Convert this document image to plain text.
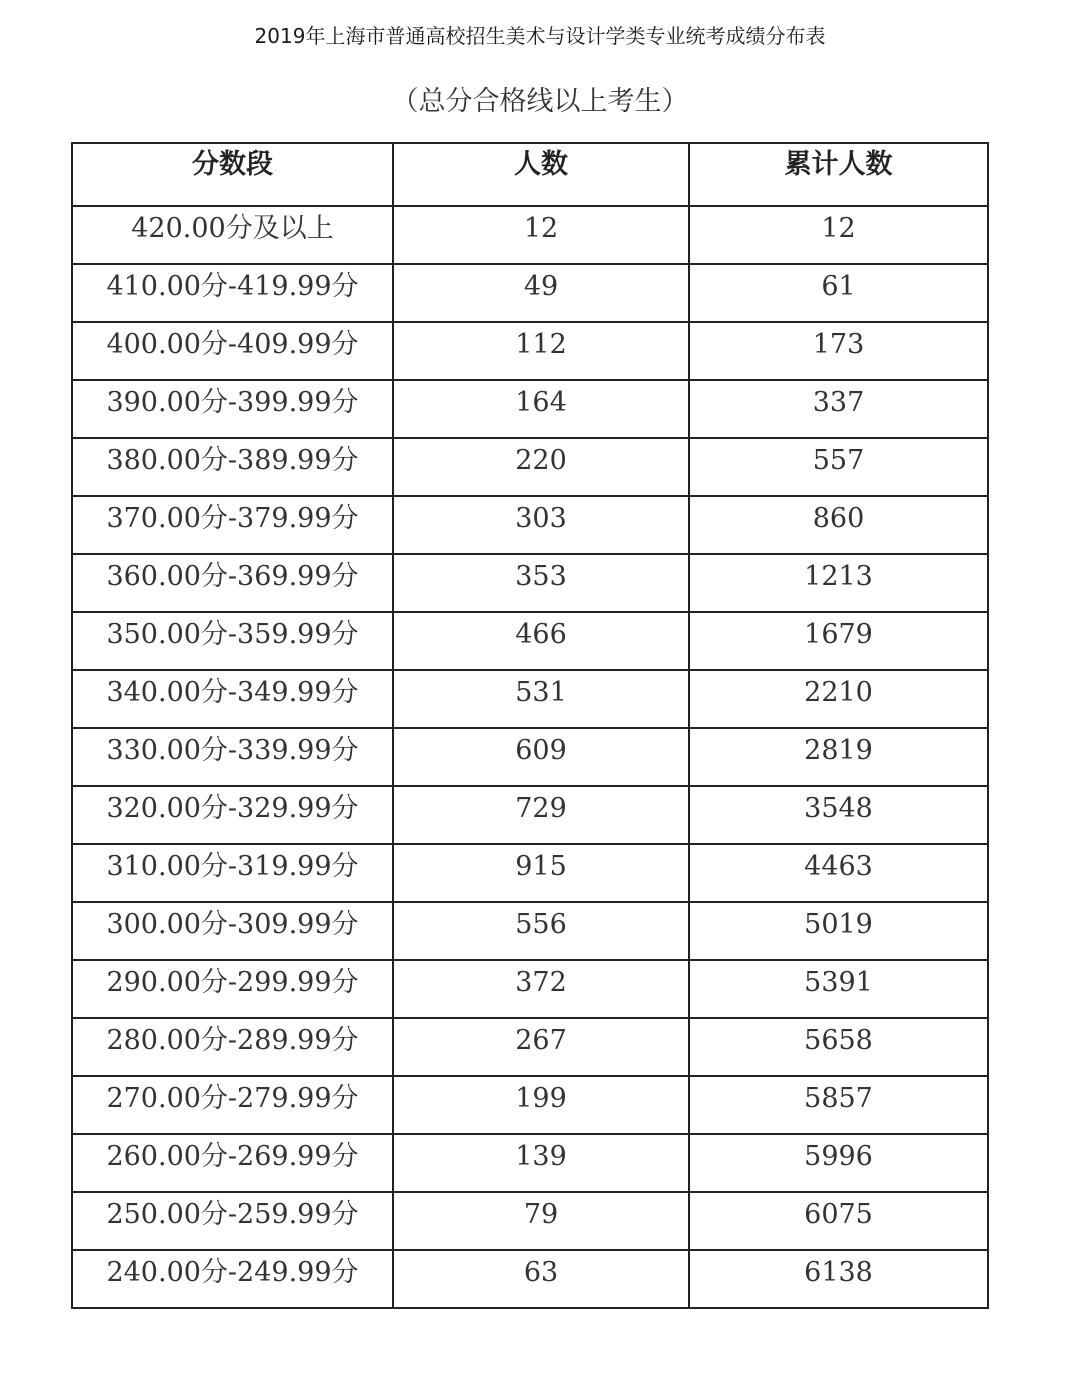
2019年上海市普通高校招生美术与设计学类专业统考成绩分布表
（总分合格线以上考生）
分数段	人数	累计人数
420.00分及以上	12	12
410.00分-419.99分	49	61
400.00分-409.99分	112	173
390.00分-399.99分	164	337
380.00分-389.99分	220	557
370.00分-379.99分	303	860
360.00分-369.99分	353	1213
350.00分-359.99分	466	1679
340.00分-349.99分	531	2210
330.00分-339.99分	609	2819
320.00分-329.99分	729	3548
310.00分-319.99分	915	4463
300.00分-309.99分	556	5019
290.00分-299.99分	372	5391
280.00分-289.99分	267	5658
270.00分-279.99分	199	5857
260.00分-269.99分	139	5996
250.00分-259.99分	79	6075
240.00分-249.99分	63	6138
